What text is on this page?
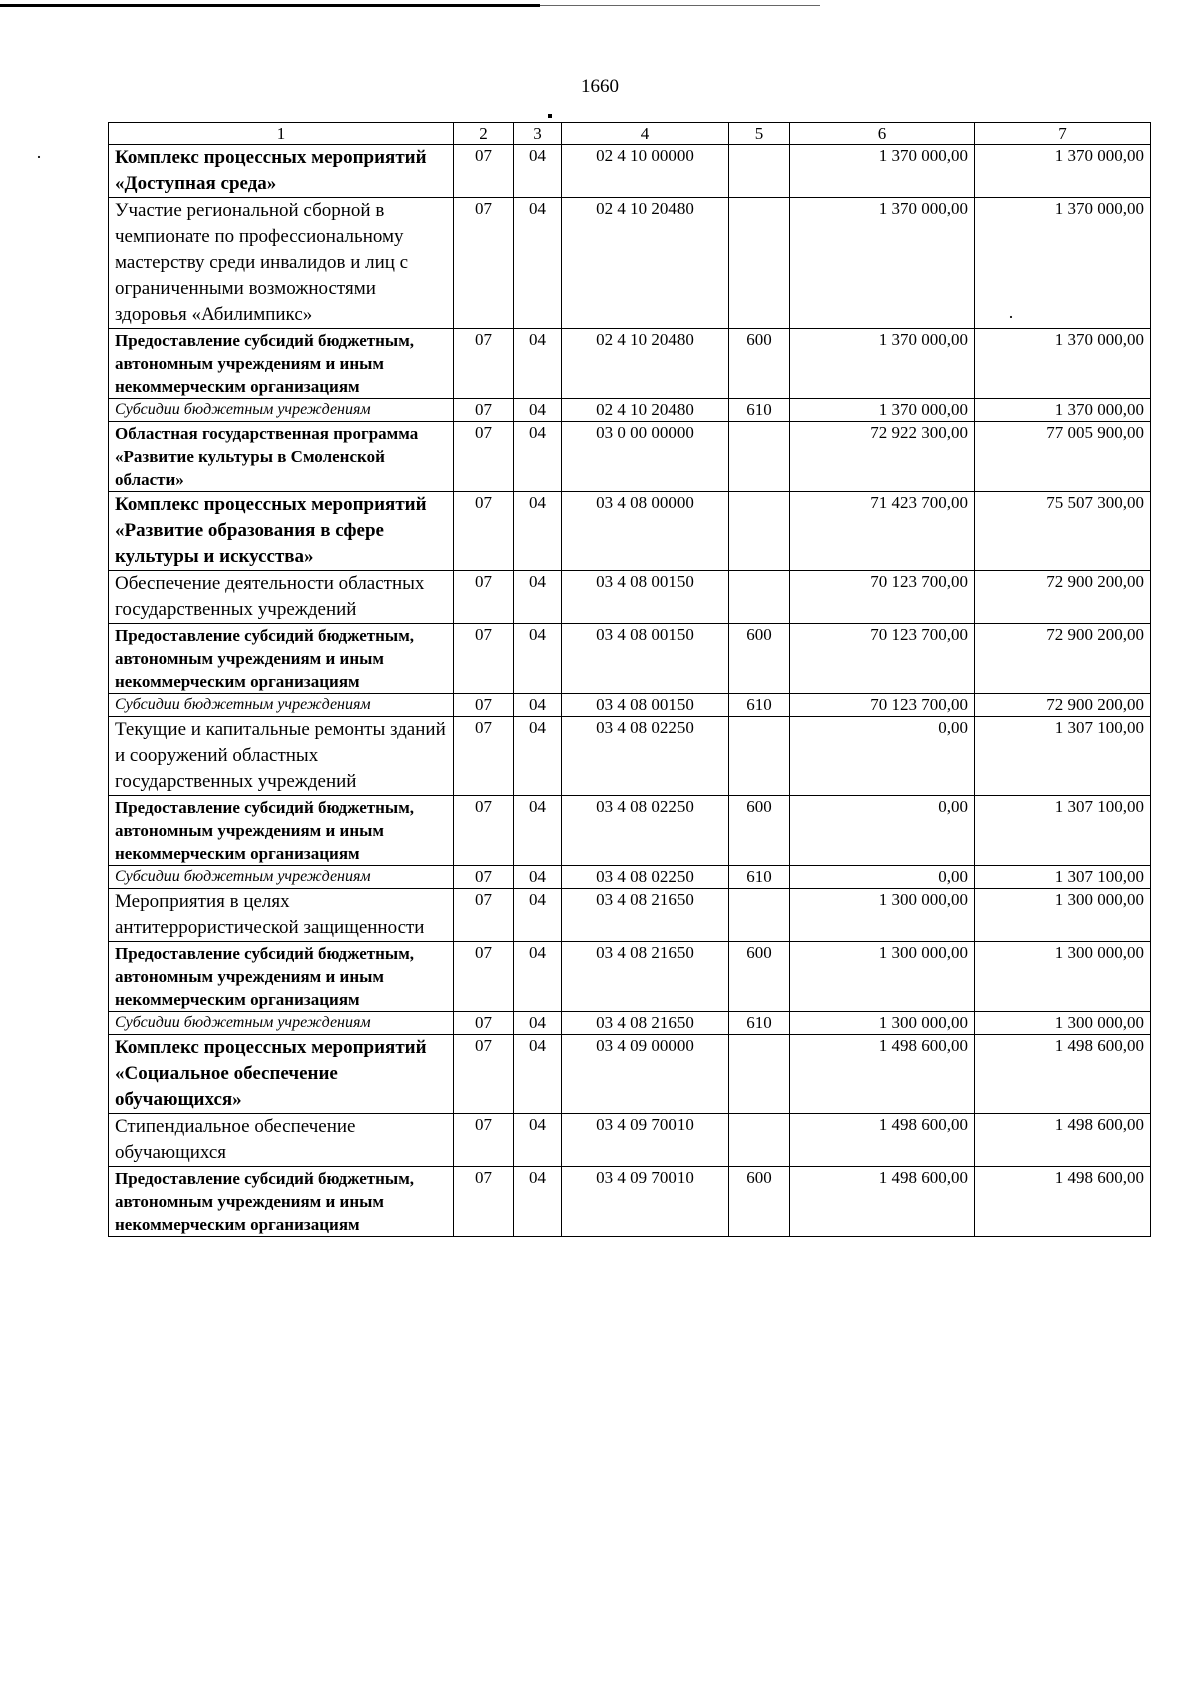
1660
·
·
1	2	3	4	5	6	7
Комплекс процессных мероприятий «Доступная среда»	07	04	02 4 10 00000		1 370 000,00	1 370 000,00
Участие региональной сборной в чемпионате по профессиональному мастерству среди инвалидов и лиц с ограниченными возможностями здоровья «Абилимпикс»	07	04	02 4 10 20480		1 370 000,00	1 370 000,00
Предоставление субсидий бюджетным, автономным учреждениям и иным некоммерческим организациям	07	04	02 4 10 20480	600	1 370 000,00	1 370 000,00
Субсидии бюджетным учреждениям	07	04	02 4 10 20480	610	1 370 000,00	1 370 000,00
Областная государственная программа «Развитие культуры в Смоленской области»	07	04	03 0 00 00000		72 922 300,00	77 005 900,00
Комплекс процессных мероприятий «Развитие образования в сфере культуры и искусства»	07	04	03 4 08 00000		71 423 700,00	75 507 300,00
Обеспечение деятельности областных государственных учреждений	07	04	03 4 08 00150		70 123 700,00	72 900 200,00
Предоставление субсидий бюджетным, автономным учреждениям и иным некоммерческим организациям	07	04	03 4 08 00150	600	70 123 700,00	72 900 200,00
Субсидии бюджетным учреждениям	07	04	03 4 08 00150	610	70 123 700,00	72 900 200,00
Текущие и капитальные ремонты зданий и сооружений областных государственных учреждений	07	04	03 4 08 02250		0,00	1 307 100,00
Предоставление субсидий бюджетным, автономным учреждениям и иным некоммерческим организациям	07	04	03 4 08 02250	600	0,00	1 307 100,00
Субсидии бюджетным учреждениям	07	04	03 4 08 02250	610	0,00	1 307 100,00
Мероприятия в целях антитеррористической защищенности	07	04	03 4 08 21650		1 300 000,00	1 300 000,00
Предоставление субсидий бюджетным, автономным учреждениям и иным некоммерческим организациям	07	04	03 4 08 21650	600	1 300 000,00	1 300 000,00
Субсидии бюджетным учреждениям	07	04	03 4 08 21650	610	1 300 000,00	1 300 000,00
Комплекс процессных мероприятий «Социальное обеспечение обучающихся»	07	04	03 4 09 00000		1 498 600,00	1 498 600,00
Стипендиальное обеспечение обучающихся	07	04	03 4 09 70010		1 498 600,00	1 498 600,00
Предоставление субсидий бюджетным, автономным учреждениям и иным некоммерческим организациям	07	04	03 4 09 70010	600	1 498 600,00	1 498 600,00
